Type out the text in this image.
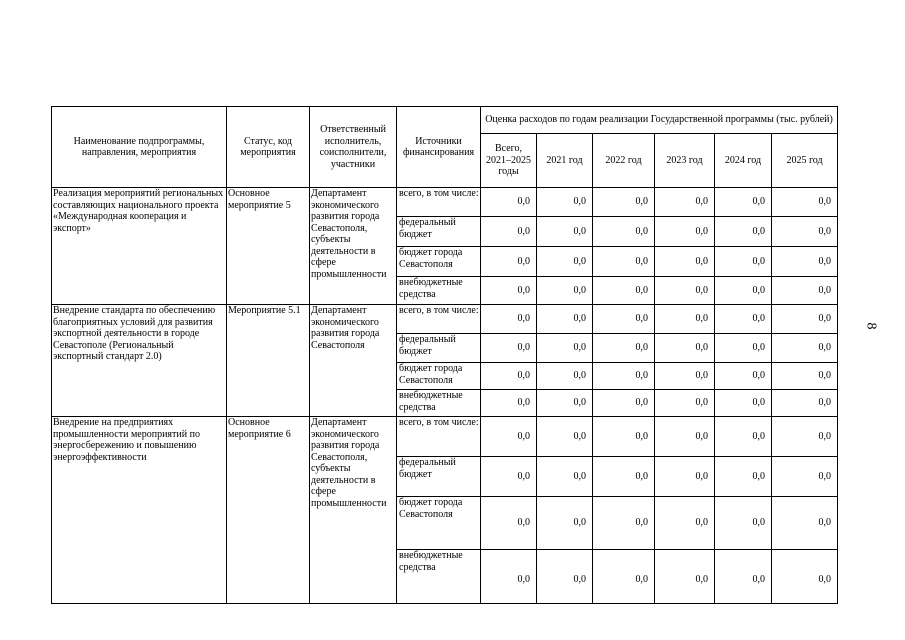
8
Наименование подпрограммы, направления, мероприятия	Статус, код мероприятия	Ответственный исполнитель, соисполнители, участники	Источники финансирования	Оценка расходов по годам реализации Государственной программы (тыс. рублей)					
				Всего, 2021–2025 годы	2021 год	2022 год	2023 год	2024 год	2025 год
Реализация мероприятий региональных составляющих национального проекта «Международная кооперация и экспорт»	Основное мероприятие 5	Департамент экономического развития города Севастополя, субъекты деятельности в сфере промышленности	всего, в том числе:	0,0	0,0	0,0	0,0	0,0	0,0
			федеральный бюджет	0,0	0,0	0,0	0,0	0,0	0,0
			бюджет города Севастополя	0,0	0,0	0,0	0,0	0,0	0,0
			внебюджетные средства	0,0	0,0	0,0	0,0	0,0	0,0
Внедрение стандарта по обеспечению благоприятных условий для развития экспортной деятельности в городе Севастополе (Региональный экспортный стандарт 2.0)	Мероприятие 5.1	Департамент экономического развития города Севастополя	всего, в том числе:	0,0	0,0	0,0	0,0	0,0	0,0
			федеральный бюджет	0,0	0,0	0,0	0,0	0,0	0,0
			бюджет города Севастополя	0,0	0,0	0,0	0,0	0,0	0,0
			внебюджетные средства	0,0	0,0	0,0	0,0	0,0	0,0
Внедрение на предприятиях промышленности мероприятий по энергосбережению и повышению энергоэффективности	Основное мероприятие 6	Департамент экономического развития города Севастополя, субъекты деятельности в сфере промышленности	всего, в том числе:	0,0	0,0	0,0	0,0	0,0	0,0
			федеральный бюджет	0,0	0,0	0,0	0,0	0,0	0,0
			бюджет города Севастополя	0,0	0,0	0,0	0,0	0,0	0,0
			внебюджетные средства	0,0	0,0	0,0	0,0	0,0	0,0
